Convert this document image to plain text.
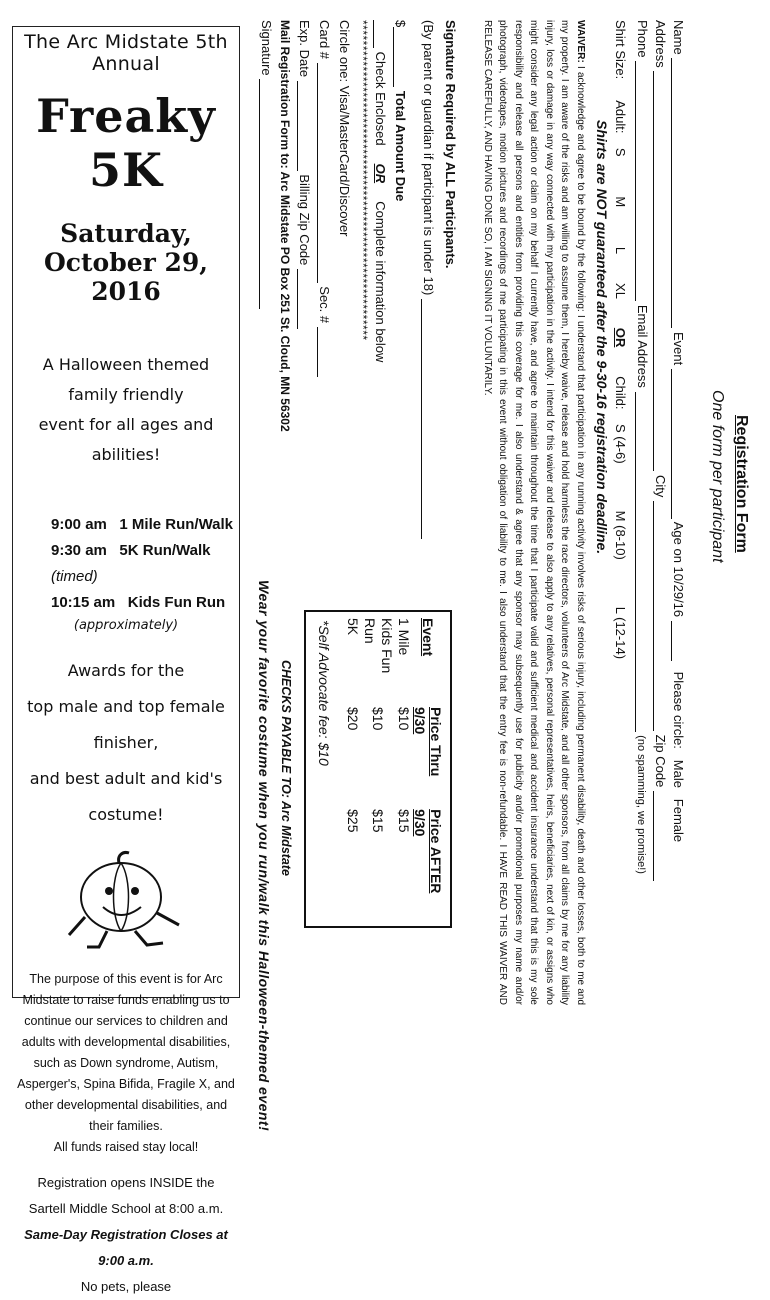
The Arc Midstate 5th Annual
Freaky 5K
Saturday, October 29, 2016
A Halloween themed family friendly
event for all ages and abilities!
9:00 am 1 Mile Run/Walk
9:30 am 5K Run/Walk (timed)
10:15 am Kids Fun Run
(approximately)
Awards for the
top male and top female finisher,
and best adult and kid's costume!
The purpose of this event is for Arc Midstate to raise funds enabling us to continue our services to children and adults with developmental disabilities, such as Down syndrome, Autism, Asperger's, Spina Bifida, Fragile X, and other developmental disabilities, and their families.
All funds raised stay local!
Registration opens INSIDE the
Sartell Middle School at 8:00 a.m.
Same-Day Registration Closes at 9:00 a.m.
No pets, please
Registration Form
One form per participant
Name  Event  Age on 10/29/16    Please circle:   Male   Female
Address  City  Zip Code
Phone  Email Address  (no spamming, we promise!)
Shirt Size:      Adult:    S           M           L        XL        OR        Child:    S (4-6)             M (8-10)             L (12-14)
Shirts are NOT guaranteed after the 9-30-16 registration deadline.
WAIVER: I acknowledge and agree to be bound by the following: I understand that participation in any running activity involves risks of serious injury, including permanent disability, death and other losses, both to me and my property. I am aware of the risks and am willing to assume them, I hereby waive, release and hold harmless the race directors, volunteers of Arc Midstate, and all other sponsors, from all claims by me for any liability injury, loss or damage in any way connected with my participation in the activity. I intend for this waiver and release to also apply to any relatives, personal representatives, heirs, beneficiaries, next of kin, or assigns who might consider any legal action or claim on my behalf I currently have, and agree to maintain throughout the time that I participate valid and sufficient medical and accident insurance understand that this is my sole responsibility and release all persons and entities from providing this coverage for me. I also understand & agree that any sponsor may subsequently use for publicity and/or promotional purposes my name and/or photograph, videotapes, motion pictures and recordings of me participating in this event without obligation of liability to me. I also understand that the entry fee is non-refundable. I HAVE READ THIS WAIVER AND RELEASE CAREFULLY, AND HAVING DONE SO, I AM SIGNING IT VOLUNTARILY.
Signature Required by ALL Participants.
(By parent or guardian if participant is under 18)
$ Total Amount Due
Check Enclosed     OR     Complete information below
**************************************************************
Circle one: Visa/MasterCard/Discover
Card #  Sec. #
Exp. Date  Billing Zip Code
Mail Registration Form to: Arc Midstate PO Box 251 St. Cloud, MN 56302
Signature
Event	Price Thru 9/30	Price AFTER 9/30
1 Mile	$10	$15
Kids Fun Run	$10	$15
5K	$20	$25
*Self Advocate fee: $10
CHECKS PAYABLE TO: Arc Midstate
Wear your favorite costume when you run/walk this Halloween-themed event!
